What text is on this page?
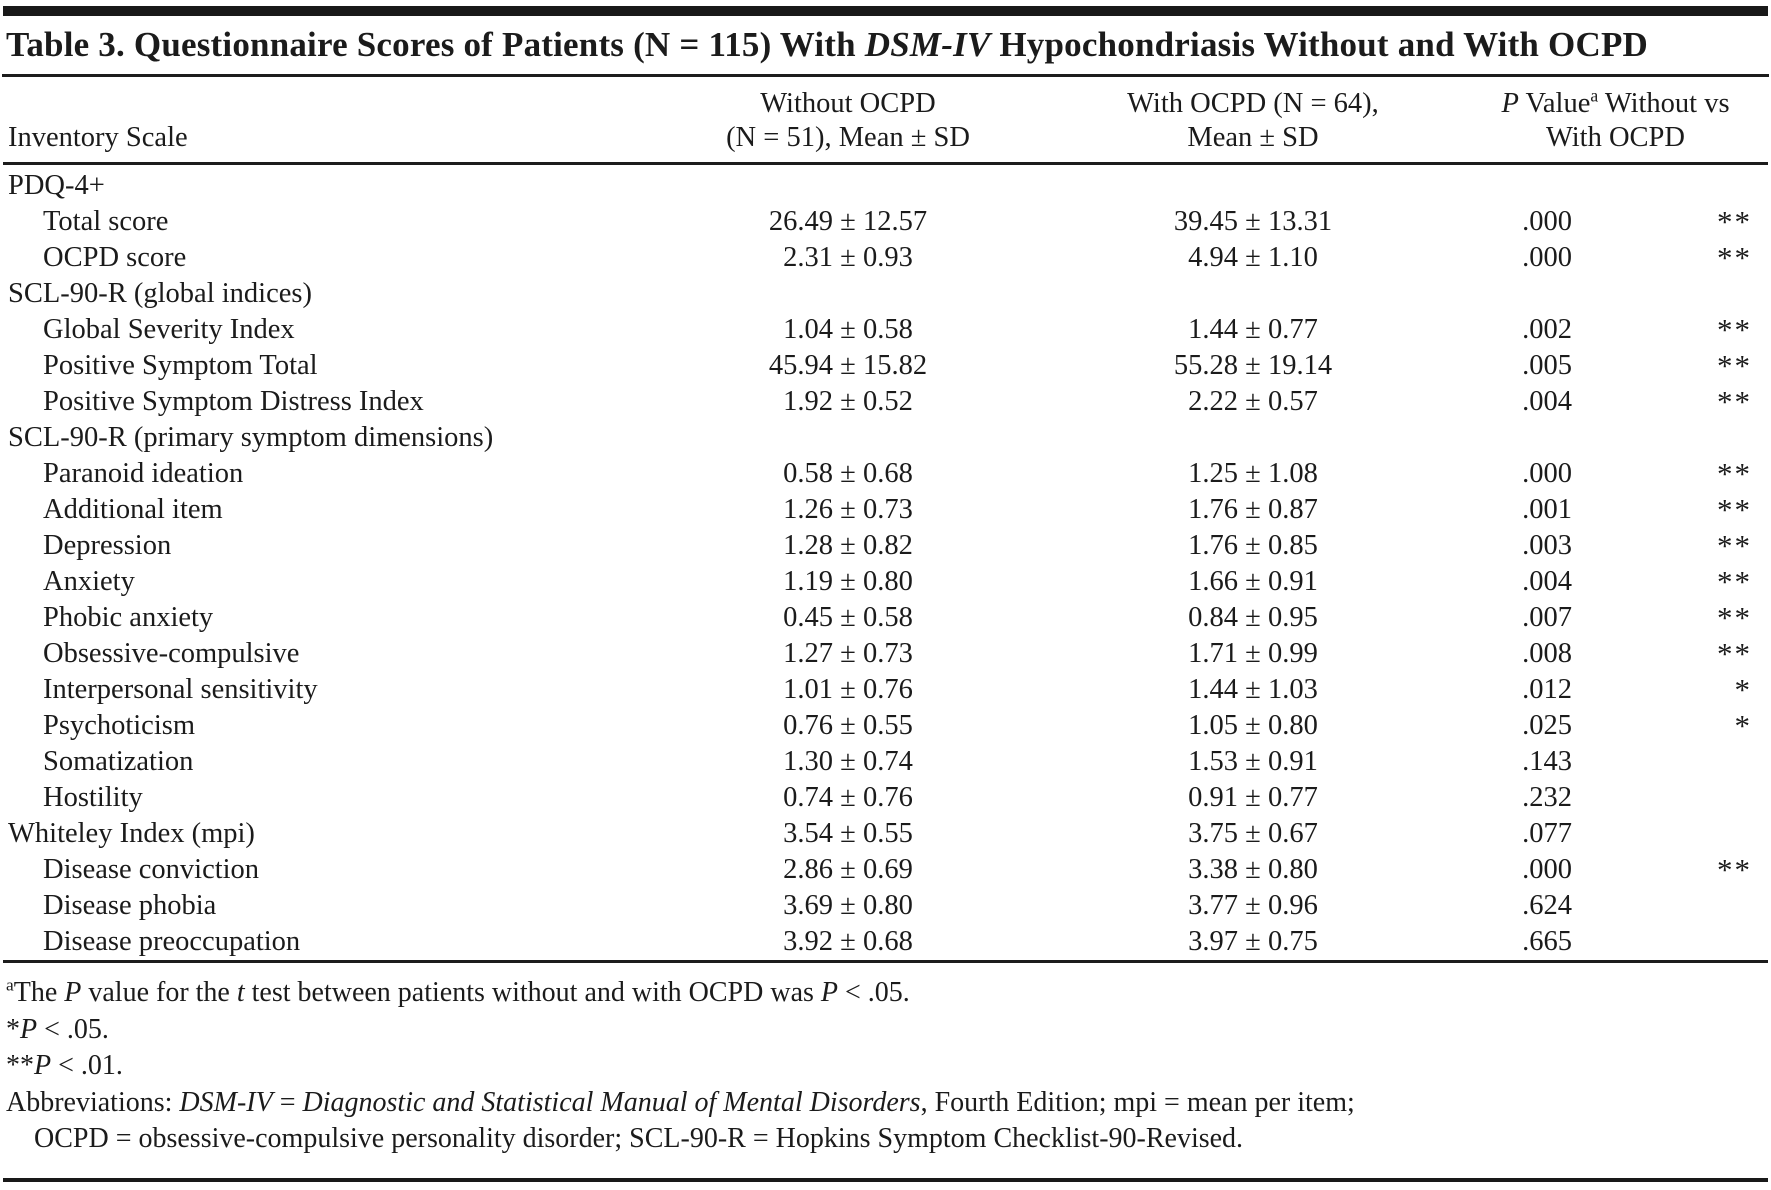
Table 3. Questionnaire Scores of Patients (N = 115) With DSM-IV Hypochondriasis Without and With OCPD
Inventory Scale

Without OCPD
(N = 51), Mean ± SD

With OCPD (N = 64),
Mean ± SD

P Value$^a$ Without vs
With OCPD

PDQ-4+				
Total score	26.49 ± 12.57	39.45 ± 13.31	.000	**
OCPD score	2.31 ± 0.93	4.94 ± 1.10	.000	**
SCL-90-R (global indices)				
Global Severity Index	1.04 ± 0.58	1.44 ± 0.77	.002	**
Positive Symptom Total	45.94 ± 15.82	55.28 ± 19.14	.005	**
Positive Symptom Distress Index	1.92 ± 0.52	2.22 ± 0.57	.004	**
SCL-90-R (primary symptom dimensions)				
Paranoid ideation	0.58 ± 0.68	1.25 ± 1.08	.000	**
Additional item	1.26 ± 0.73	1.76 ± 0.87	.001	**
Depression	1.28 ± 0.82	1.76 ± 0.85	.003	**
Anxiety	1.19 ± 0.80	1.66 ± 0.91	.004	**
Phobic anxiety	0.45 ± 0.58	0.84 ± 0.95	.007	**
Obsessive-compulsive	1.27 ± 0.73	1.71 ± 0.99	.008	**
Interpersonal sensitivity	1.01 ± 0.76	1.44 ± 1.03	.012	*
Psychoticism	0.76 ± 0.55	1.05 ± 0.80	.025	*
Somatization	1.30 ± 0.74	1.53 ± 0.91	.143	
Hostility	0.74 ± 0.76	0.91 ± 0.77	.232	
Whiteley Index (mpi)	3.54 ± 0.55	3.75 ± 0.67	.077	
Disease conviction	2.86 ± 0.69	3.38 ± 0.80	.000	**
Disease phobia	3.69 ± 0.80	3.77 ± 0.96	.624	
Disease preoccupation	3.92 ± 0.68	3.97 ± 0.75	.665	
$^a$The P value for the t test between patients without and with OCPD was P < .05.
*P < .05.
**P < .01.
Abbreviations: DSM-IV = Diagnostic and Statistical Manual of Mental Disorders, Fourth Edition; mpi = mean per item;
OCPD = obsessive-compulsive personality disorder; SCL-90-R = Hopkins Symptom Checklist-90-Revised.
